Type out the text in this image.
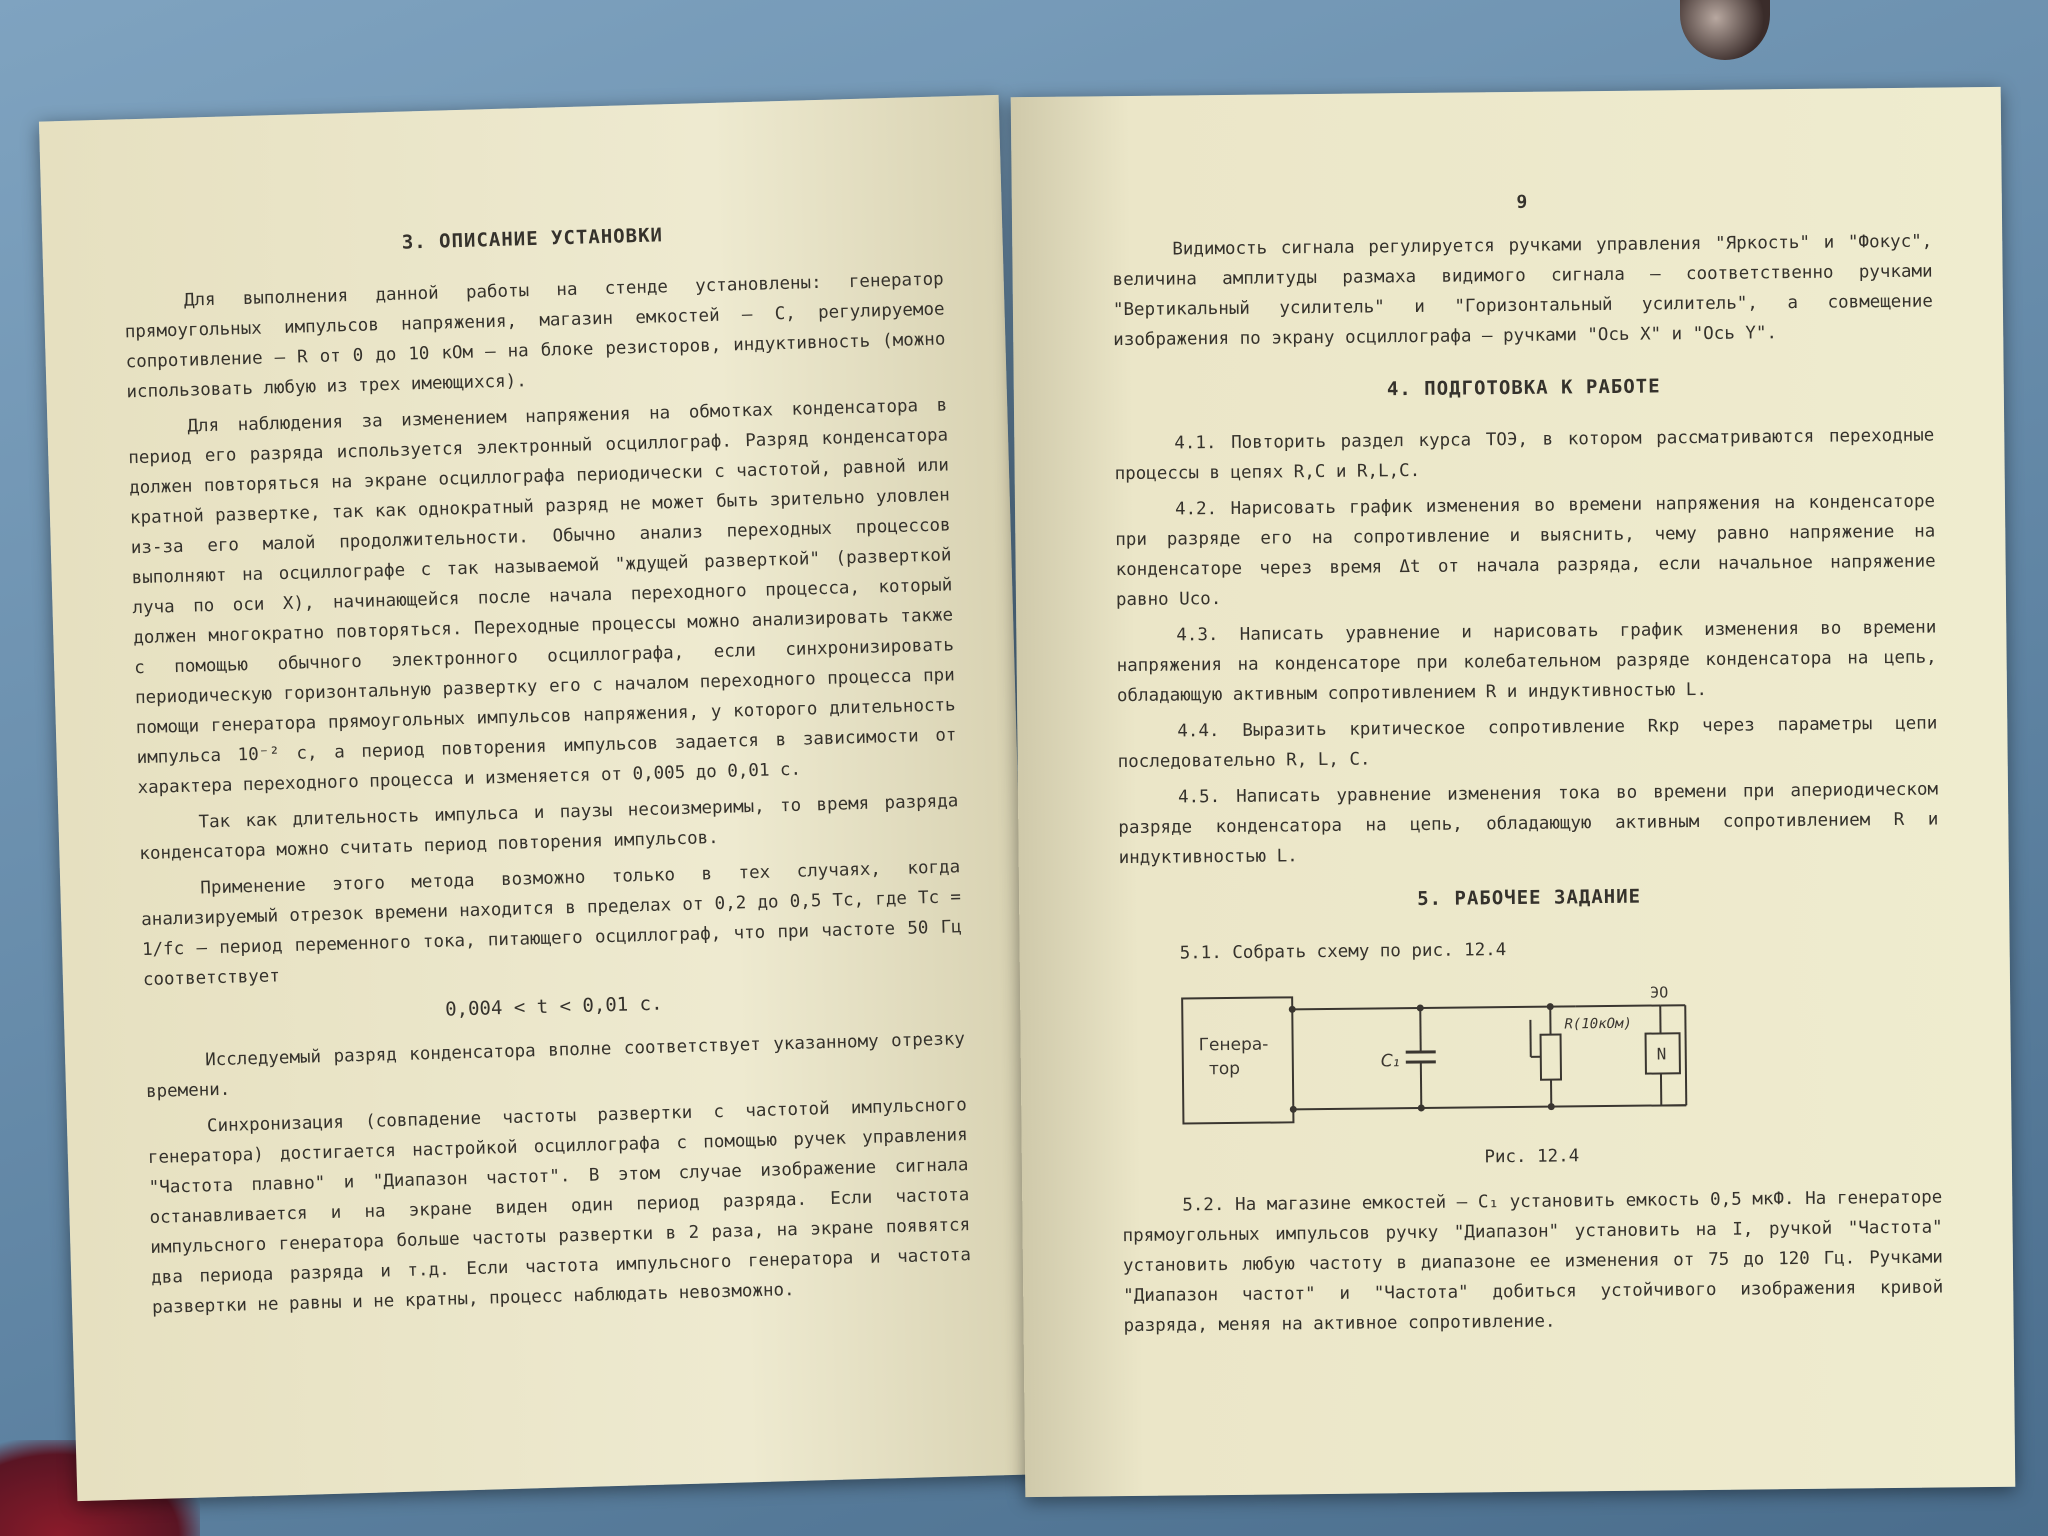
3. ОПИСАНИЕ УСТАНОВКИ

Для выполнения данной работы на стенде установлены: генератор прямоугольных импульсов напряжения, магазин емкостей – C, регулируемое сопротивление – R от 0 до 10 кОм – на блоке резисторов, индуктивность (можно использовать любую из трех имеющихся).

Для наблюдения за изменением напряжения на обмотках конденсатора в период его разряда используется электронный осциллограф. Разряд конденсатора должен повторяться на экране осциллографа периодически с частотой, равной или кратной развертке, так как однократный разряд не может быть зрительно уловлен из-за его малой продолжительности. Обычно анализ переходных процессов выполняют на осциллографе с так называемой "ждущей разверткой" (разверткой луча по оси X), начинающейся после начала переходного процесса, который должен многократно повторяться. Переходные процессы можно анализировать также с помощью обычного электронного осциллографа, если синхронизировать периодическую горизонтальную развертку его с началом переходного процесса при помощи генератора прямоугольных импульсов напряжения, у которого длительность импульса 10⁻² с, а период повторения импульсов задается в зависимости от характера переходного процесса и изменяется от 0,005 до 0,01 с.

Так как длительность импульса и паузы несоизмеримы, то время разряда конденсатора можно считать период повторения импульсов.

Применение этого метода возможно только в тех случаях, когда анализируемый отрезок времени находится в пределах от 0,2 до 0,5 Tc, где Tc = 1/fc – период переменного тока, питающего осциллограф, что при частоте 50 Гц соответствует

0,004 < t < 0,01 с.

Исследуемый разряд конденсатора вполне соответствует указанному отрезку времени.

Синхронизация (совпадение частоты развертки с частотой импульсного генератора) достигается настройкой осциллографа с помощью ручек управления "Частота плавно" и "Диапазон частот". В этом случае изображение сигнала останавливается и на экране виден один период разряда. Если частота импульсного генератора больше частоты развертки в 2 раза, на экране появятся два периода разряда и т.д. Если частота импульсного генератора и частота развертки не равны и не кратны, процесс наблюдать невозможно.

9

Видимость сигнала регулируется ручками управления "Яркость" и "Фокус", величина амплитуды размаха видимого сигнала – соответственно ручками "Вертикальный усилитель" и "Горизонтальный усилитель", а совмещение изображения по экрану осциллографа – ручками "Ось X" и "Ось Y".

4. ПОДГОТОВКА К РАБОТЕ

4.1. Повторить раздел курса ТОЭ, в котором рассматриваются переходные процессы в цепях R,C и R,L,C.

4.2. Нарисовать график изменения во времени напряжения на конденсаторе при разряде его на сопротивление и выяснить, чему равно напряжение на конденсаторе через время Δt от начала разряда, если начальное напряжение равно Uco.

4.3. Написать уравнение и нарисовать график изменения во времени напряжения на конденсаторе при колебательном разряде конденсатора на цепь, обладающую активным сопротивлением R и индуктивностью L.

4.4. Выразить критическое сопротивление Rкр через параметры цепи последовательно R, L, C.

4.5. Написать уравнение изменения тока во времени при апериодическом разряде конденсатора на цепь, обладающую активным сопротивлением R и индуктивностью L.

5. РАБОЧЕЕ ЗАДАНИЕ

5.1. Собрать схему по рис. 12.4

Генера-
тор	C₁
R(10кОм)
ЭО
N
Рис. 12.4

5.2. На магазине емкостей – C₁ установить емкость 0,5 мкФ. На генераторе прямоугольных импульсов ручку "Диапазон" установить на I, ручкой "Частота" установить любую частоту в диапазоне ее изменения от 75 до 120 Гц. Ручками "Диапазон частот" и "Частота" добиться устойчивого изображения кривой разряда, меняя на активное сопротивление.
